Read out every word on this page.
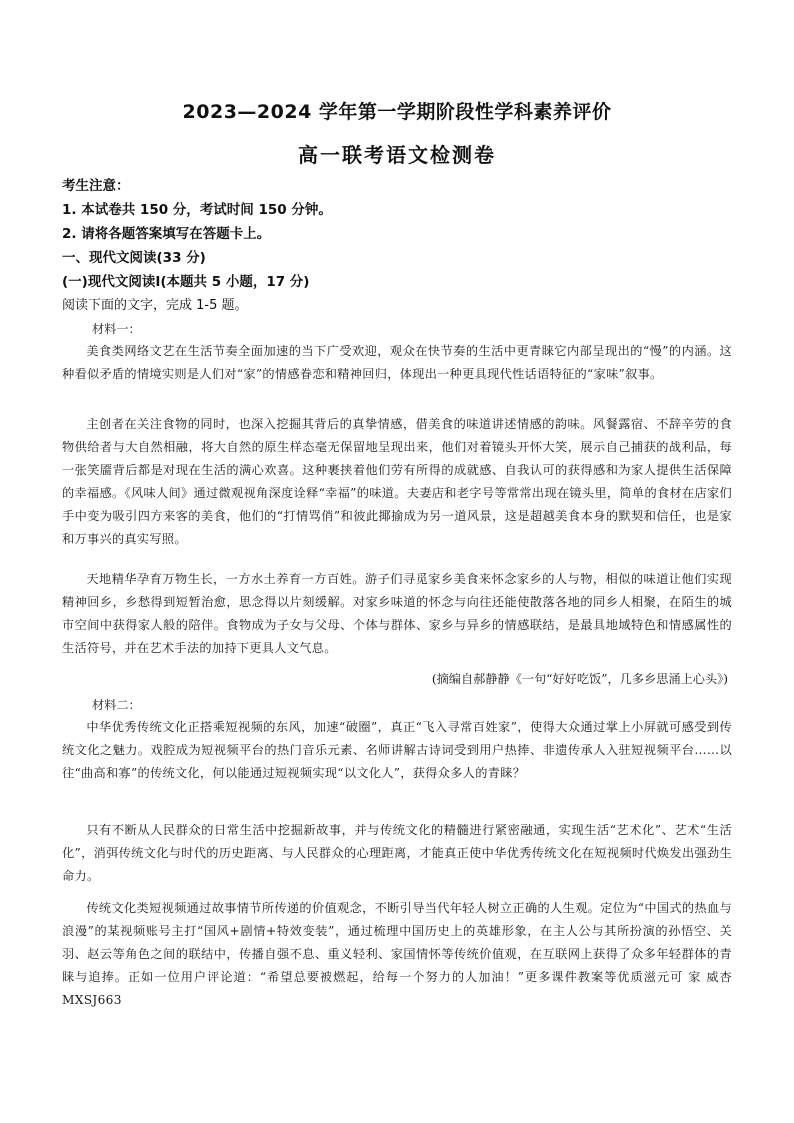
2023—2024 学年第一学期阶段性学科素养评价
高一联考语文检测卷
考生注意：
1. 本试卷共 150 分，考试时间 150 分钟。
2. 请将各题答案填写在答题卡上。
一、现代文阅读(33 分)
(一)现代文阅读Ⅰ(本题共 5 小题，17 分)
阅读下面的文字，完成 1-5 题。
材料一：
美食类网络文艺在生活节奏全面加速的当下广受欢迎，观众在快节奏的生活中更青睐它内部呈现出的“慢”的内涵。这种看似矛盾的情境实则是人们对“家”的情感眷恋和精神回归，体现出一种更具现代性话语特征的“家味”叙事。
主创者在关注食物的同时，也深入挖掘其背后的真挚情感，借美食的味道讲述情感的韵味。风餐露宿、不辞辛劳的食物供给者与大自然相融，将大自然的原生样态毫无保留地呈现出来，他们对着镜头开怀大笑，展示自己捕获的战利品，每一张笑靥背后都是对现在生活的满心欢喜。这种裹挟着他们劳有所得的成就感、自我认可的获得感和为家人提供生活保障的幸福感。《风味人间》通过微观视角深度诠释“幸福”的味道。夫妻店和老字号等常常出现在镜头里，简单的食材在店家们手中变为吸引四方来客的美食，他们的“打情骂俏”和彼此揶揄成为另一道风景，这是超越美食本身的默契和信任，也是家和万事兴的真实写照。
天地精华孕育万物生长，一方水土养育一方百姓。游子们寻觅家乡美食来怀念家乡的人与物，相似的味道让他们实现精神回乡，乡愁得到短暂治愈，思念得以片刻缓解。对家乡味道的怀念与向往还能使散落各地的同乡人相聚，在陌生的城市空间中获得家人般的陪伴。食物成为子女与父母、个体与群体、家乡与异乡的情感联结，是最具地域特色和情感属性的生活符号，并在艺术手法的加持下更具人文气息。
(摘编自郝静静《一句“好好吃饭”，几多乡思涌上心头》)
材料二：
中华优秀传统文化正搭乘短视频的东风，加速“破圈”，真正“飞入寻常百姓家”，使得大众通过掌上小屏就可感受到传统文化之魅力。戏腔成为短视频平台的热门音乐元素、名师讲解古诗词受到用户热捧、非遗传承人入驻短视频平台……以往“曲高和寡”的传统文化，何以能通过短视频实现“以文化人”，获得众多人的青睐？
只有不断从人民群众的日常生活中挖掘新故事，并与传统文化的精髓进行紧密融通，实现生活“艺术化”、艺术“生活化”，消弭传统文化与时代的历史距离、与人民群众的心理距离，才能真正使中华优秀传统文化在短视频时代焕发出强劲生命力。
传统文化类短视频通过故事情节所传递的价值观念，不断引导当代年轻人树立正确的人生观。定位为“中国式的热血与浪漫”的某视频账号主打“国风+剧情+特效变装”，通过梳理中国历史上的英雄形象，在主人公与其所扮演的孙悟空、关羽、赵云等角色之间的联结中，传播自强不息、重义轻利、家国情怀等传统价值观，在互联网上获得了众多年轻群体的青睐与追捧。正如一位用户评论道：“希望总要被燃起，给每一个努力的人加油！”更多课件教案等优质滋元可 家 威杏 MXSJ663
